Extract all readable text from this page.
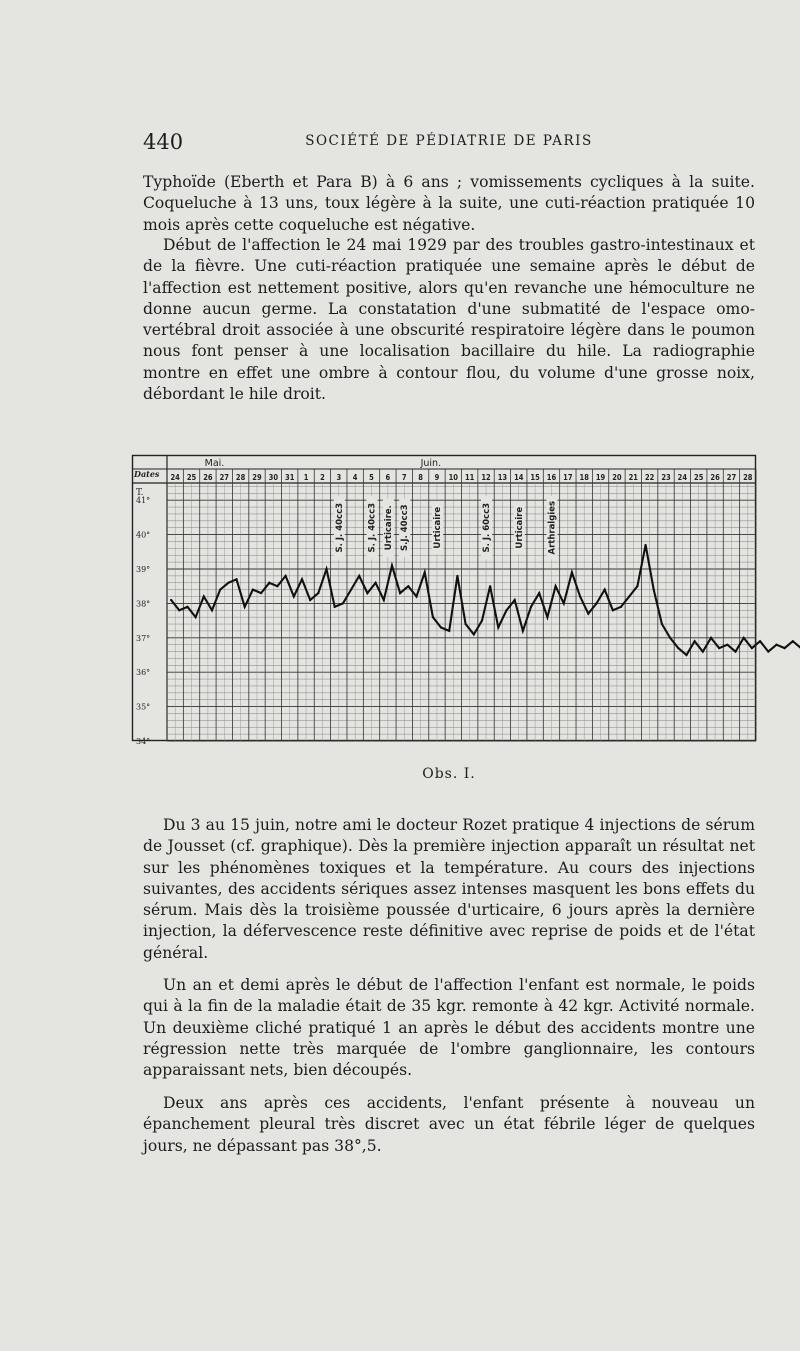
440	SOCIÉTÉ DE PÉDIATRIE DE PARIS

Typhoïde (Eberth et Para B) à 6 ans ; vomissements cycliques à la suite. Coqueluche à 13 uns, toux légère à la suite, une cuti-réaction pratiquée 10 mois après cette coqueluche est négative.

Début de l'affection le 24 mai 1929 par des troubles gastro-intestinaux et de la fièvre. Une cuti-réaction pratiquée une semaine après le début de l'affection est nettement positive, alors qu'en revanche une hémoculture ne donne aucun germe. La constatation d'une submatité de l'espace omo-vertébral droit associée à une obscurité respiratoire légère dans le poumon nous font penser à une localisation bacillaire du hile. La radiographie montre en effet une ombre à contour flou, du volume d'une grosse noix, débordant le hile droit.

Dates
T.
Mai.	Juin.
24 25 26 27 28 29 30 31 1 2 3 4 5 6 7 8 9 10 11 12 13 14 15 16 17 18 19 20 21 22 23 24 25 26 27 28
41°
40°
39°
38°
37°
36°
35°
34°
S. J. 40cc3	S. J. 40cc3 Urticaire. S.J. 40cc3	Urticaire	S. J. 60cc3	Urticaire	Arthralgies
Obs. I.

Du 3 au 15 juin, notre ami le docteur Rozet pratique 4 injections de sérum de Jousset (cf. graphique). Dès la première injection apparaît un résultat net sur les phénomènes toxiques et la température. Au cours des injections suivantes, des accidents sériques assez intenses masquent les bons effets du sérum. Mais dès la troisième poussée d'urticaire, 6 jours après la dernière injection, la défervescence reste définitive avec reprise de poids et de l'état général.

Un an et demi après le début de l'affection l'enfant est normale, le poids qui à la fin de la maladie était de 35 kgr. remonte à 42 kgr. Activité normale. Un deuxième cliché pratiqué 1 an après le début des accidents montre une régression nette très marquée de l'ombre ganglionnaire, les contours apparaissant nets, bien découpés.

Deux ans après ces accidents, l'enfant présente à nouveau un épanchement pleural très discret avec un état fébrile léger de quelques jours, ne dépassant pas 38°,5.
